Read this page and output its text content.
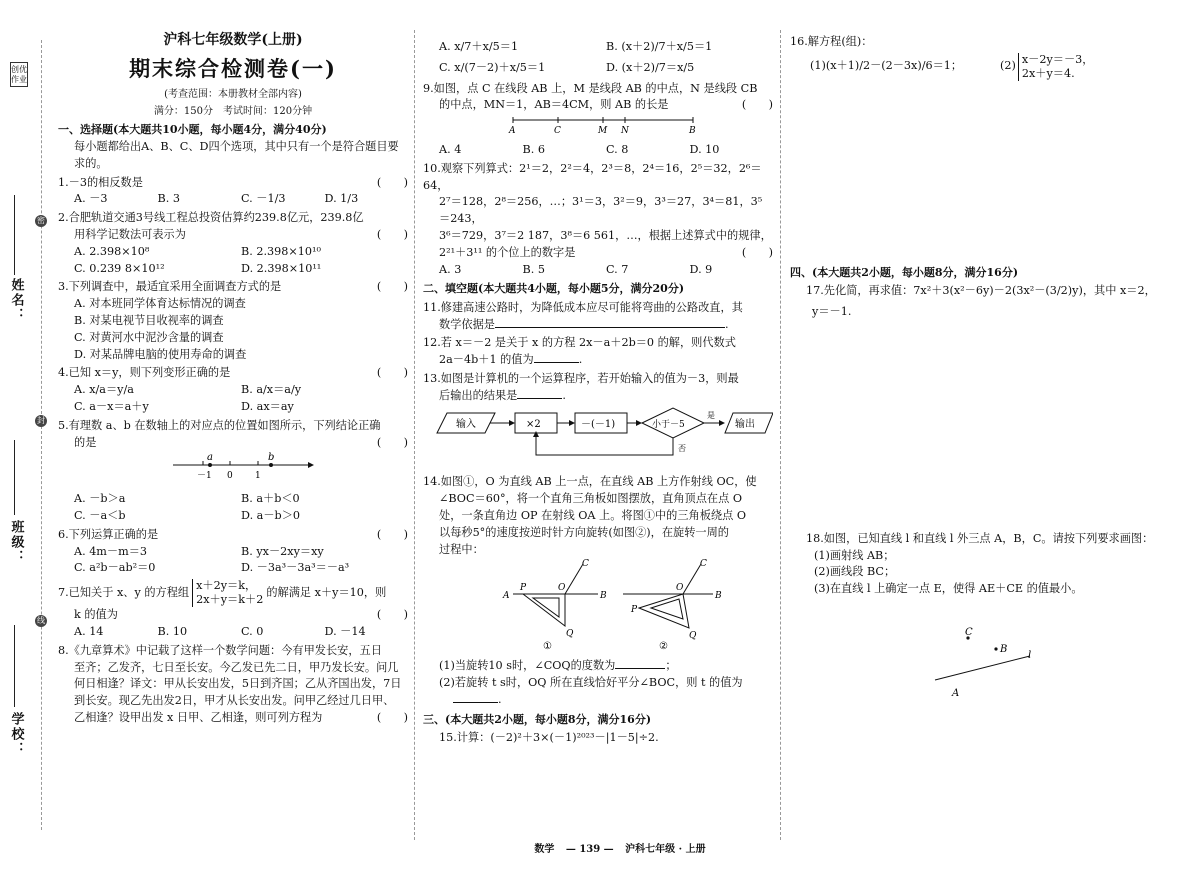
创优作业
姓名：
班级：
学校：
密
封
线
沪科七年级数学(上册)
期末综合检测卷(一)
(考查范围：本册教材全部内容)
满分：150分　考试时间：120分钟
一、选择题(本大题共10小题，每小题4分，满分40分)
每小题都给出A、B、C、D四个选项，其中只有一个是符合题目要求的。
1.－3的相反数是	(　　)
A. －3	B. 3	C. －1/3	D. 1/3
2.合肥轨道交通3号线工程总投资估算约239.8亿元，239.8亿
用科学记数法可表示为	(　　)
A. 2.398×10⁸	B. 2.398×10¹⁰
C. 0.239 8×10¹²	D. 2.398×10¹¹
3.下列调查中，最适宜采用全面调查方式的是	(　　)
A. 对本班同学体育达标情况的调查
B. 对某电视节目收视率的调查
C. 对黄河水中泥沙含量的调查
D. 对某品牌电脑的使用寿命的调查
4.已知 x＝y，则下列变形正确的是	(　　)
A. x/a＝y/a	B. a/x＝a/y
C. a－x＝a＋y	D. ax＝ay
5.有理数 a、b 在数轴上的对应点的位置如图所示，下列结论正确
的是	(　　)
a	b
－1 0 1
A. －b＞a	B. a＋b＜0
C. －a＜b	D. a－b＞0
6.下列运算正确的是	(　　)
A. 4m－m＝3	B. yx－2xy＝xy
C. a²b－ab²＝0	D. －3a³－3a³＝－a³
7.已知关于 x、y 的方程组
x＋2y＝k，
2x＋y＝k＋2
的解满足 x＋y＝10，则
k 的值为	(　　)
A. 14	B. 10	C. 0	D. －14
8.《九章算术》中记载了这样一个数学问题：今有甲发长安，五日
至齐；乙发齐，七日至长安。今乙发已先二日，甲乃发长安。问几
何日相逢？译文：甲从长安出发，5日到齐国；乙从齐国出发，7日
到长安。现乙先出发2日，甲才从长安出发。问甲乙经过几日甲、
乙相逢？设甲出发 x 日甲、乙相逢，则可列方程为	(　　)
A. x/7＋x/5＝1	B. (x＋2)/7＋x/5＝1
C. x/(7－2)＋x/5＝1	D. (x＋2)/7＝x/5
9.如图，点 C 在线段 AB 上，M 是线段 AB 的中点，N 是线段 CB
的中点，MN＝1，AB＝4CM，则 AB 的长是	(　　)
A	C	M N	B
A. 4	B. 6	C. 8	D. 10
10.观察下列算式：2¹＝2，2²＝4，2³＝8，2⁴＝16，2⁵＝32，2⁶＝64，
2⁷＝128，2⁸＝256，…；3¹＝3，3²＝9，3³＝27，3⁴＝81，3⁵＝243，
3⁶＝729，3⁷＝2 187，3⁸＝6 561，…，根据上述算式中的规律，
2²¹＋3¹¹ 的个位上的数字是	(　　)
A. 3	B. 5	C. 7	D. 9
二、填空题(本大题共4小题，每小题5分，满分20分)
11.修建高速公路时，为降低成本应尽可能将弯曲的公路改直，其
数学依据是	.
12.若 x＝－2 是关于 x 的方程 2x－a＋2b＝0 的解，则代数式
2a－4b＋1 的值为	.
13.如图是计算机的一个运算程序，若开始输入的值为－3，则最
后输出的结果是	.
输入	×2	－(－1)	小于－5
是
输出
否
14.如图①，O 为直线 AB 上一点，在直线 AB 上方作射线 OC，使
∠BOC＝60°，将一个直角三角板如图摆放，直角顶点在点 O
处，一条直角边 OP 在射线 OA 上。将图①中的三角板绕点 O
以每秒5°的速度按逆时针方向旋转(如图②)，在旋转一周的
过程中：
A	B
O
P
Q
C
①
B
O
P
Q
C
②
(1)当旋转10 s时，∠COQ的度数为	；
(2)若旋转 t s时，OQ 所在直线恰好平分∠BOC，则 t 的值为
.
三、(本大题共2小题，每小题8分，满分16分)
15.计算：(－2)²＋3×(－1)²⁰²³－|1－5|÷2.
16.解方程(组)：
(1)(x＋1)/2－(2－3x)/6＝1；	(2)
x－2y＝－3，
2x＋y＝4.
四、(本大题共2小题，每小题8分，满分16分)
17.先化简，再求值：7x²＋3(x²－6y)－2(3x²－(3/2)y)，其中 x＝2，
y＝－1.
18.如图，已知直线 l 和直线 l 外三点 A，B，C。请按下列要求画图：
(1)画射线 AB；
(2)画线段 BC；
(3)在直线 l 上确定一点 E，使得 AE＋CE 的值最小。
C
B
l
A
数学 — 139 — 沪科七年级 · 上册
